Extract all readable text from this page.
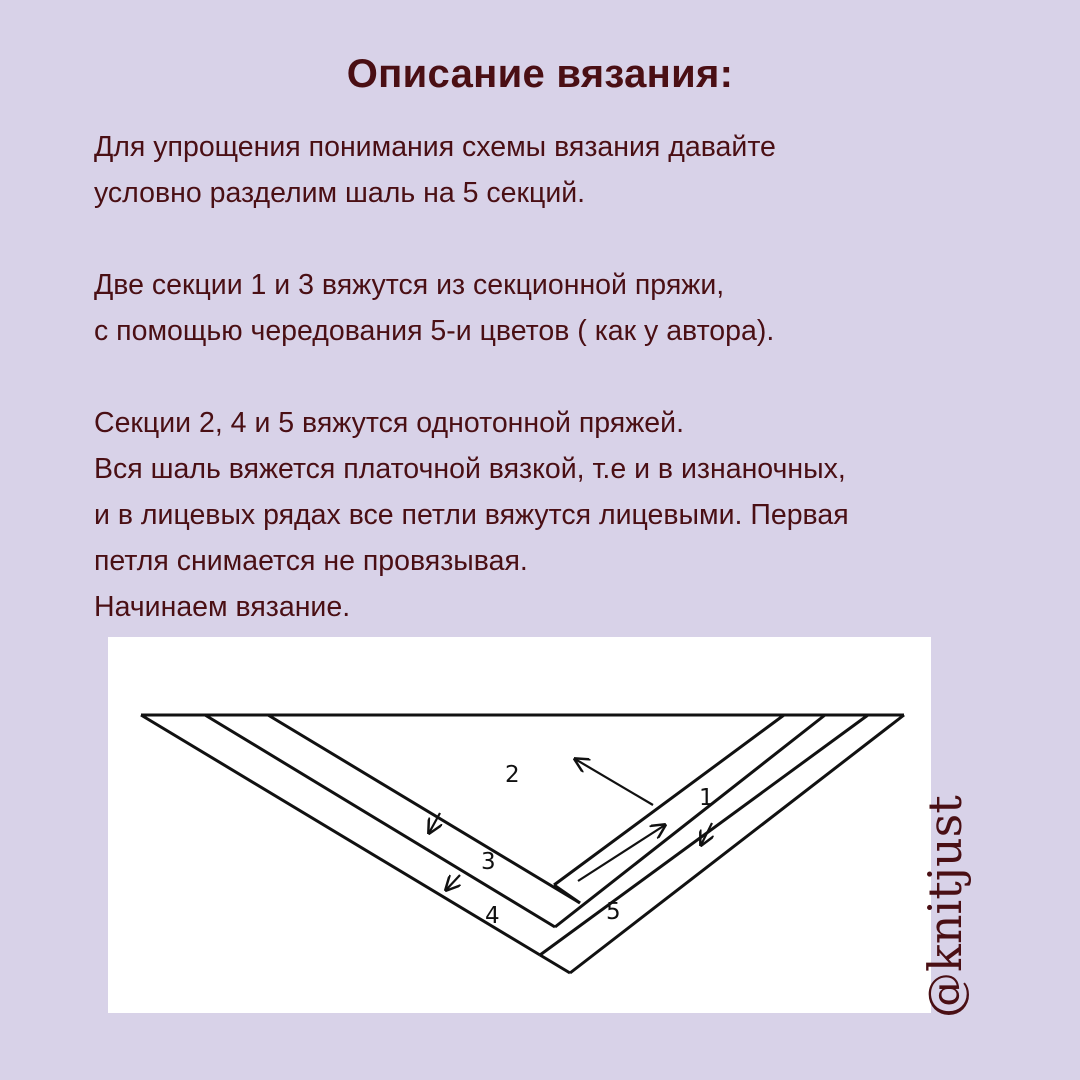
Описание вязания:
Для упрощения понимания схемы вязания давайте
условно разделим шаль на 5 секций.
Две секции 1 и 3 вяжутся из секционной пряжи,
с помощью чередования 5-и цветов ( как у автора).
Секции 2, 4 и 5 вяжутся однотонной пряжей.
Вся шаль вяжется платочной вязкой, т.е и в изнаночных,
и в лицевых рядах все петли вяжутся лицевыми. Первая
петля снимается не провязывая.
Начинаем вязание.
1
2
3
4	5	@knitjust
